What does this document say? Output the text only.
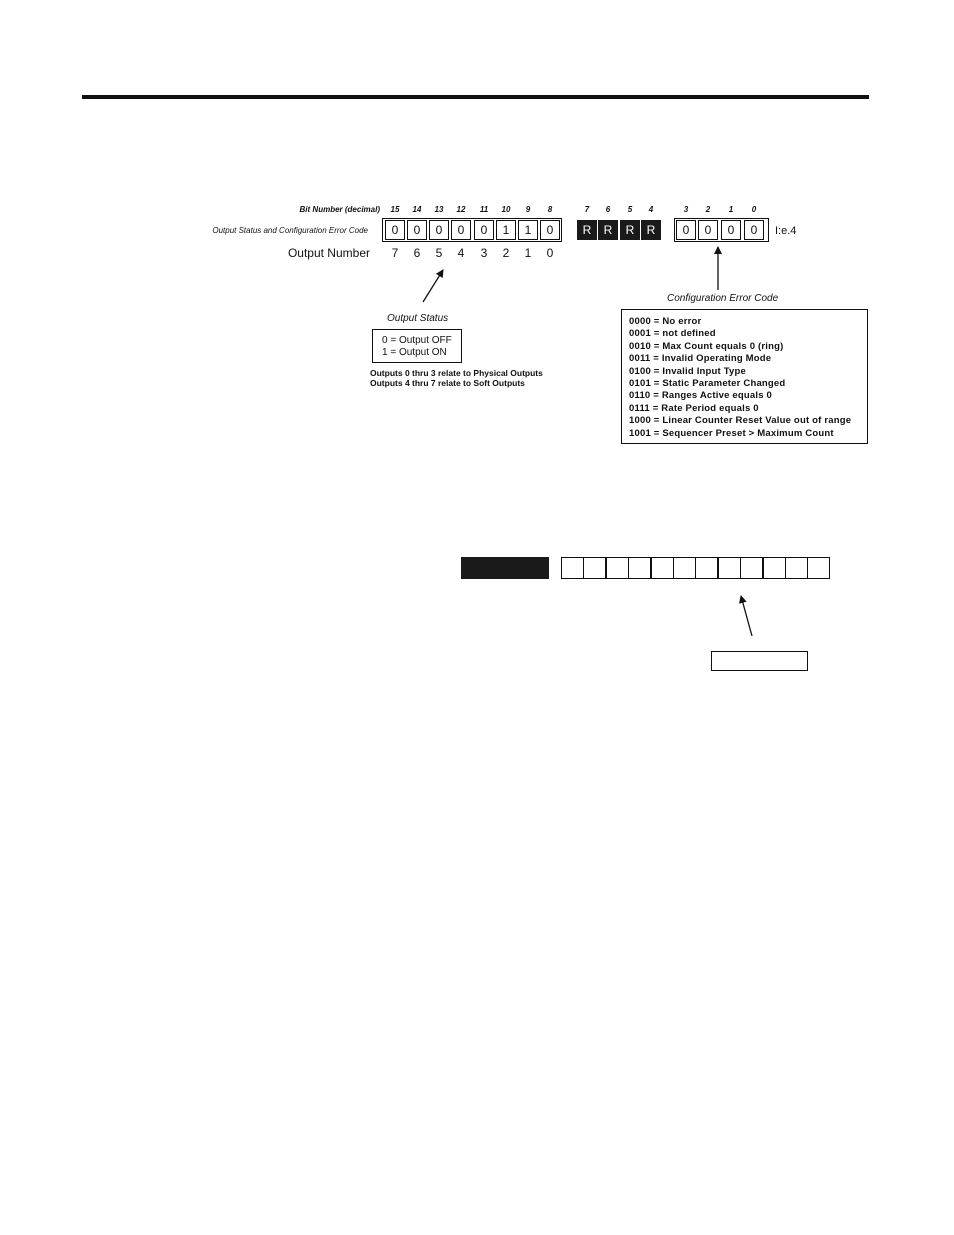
Bit Number (decimal)
Output Status and Configuration Error Code
Output Number
15
0
7
14
0
6
13
0
5
12
0
4
11
0
3
10
1
2
9
1
1
8
0
0
7
R
6
R
5
R
4
R
3
0
2
0
1
0
0
0	I:e.4
Output Status
0 = Output OFF
1 = Output ON
Outputs 0 thru 3 relate to Physical Outputs
Outputs 4 thru 7 relate to Soft Outputs
Configuration Error Code
0000 = No error
0001 = not defined
0010 = Max Count equals 0 (ring)
0011 = Invalid Operating Mode
0100 = Invalid Input Type
0101 = Static Parameter Changed
0110 = Ranges Active equals 0
0111 = Rate Period equals 0
1000 = Linear Counter Reset Value out of range
1001 = Sequencer Preset > Maximum Count
